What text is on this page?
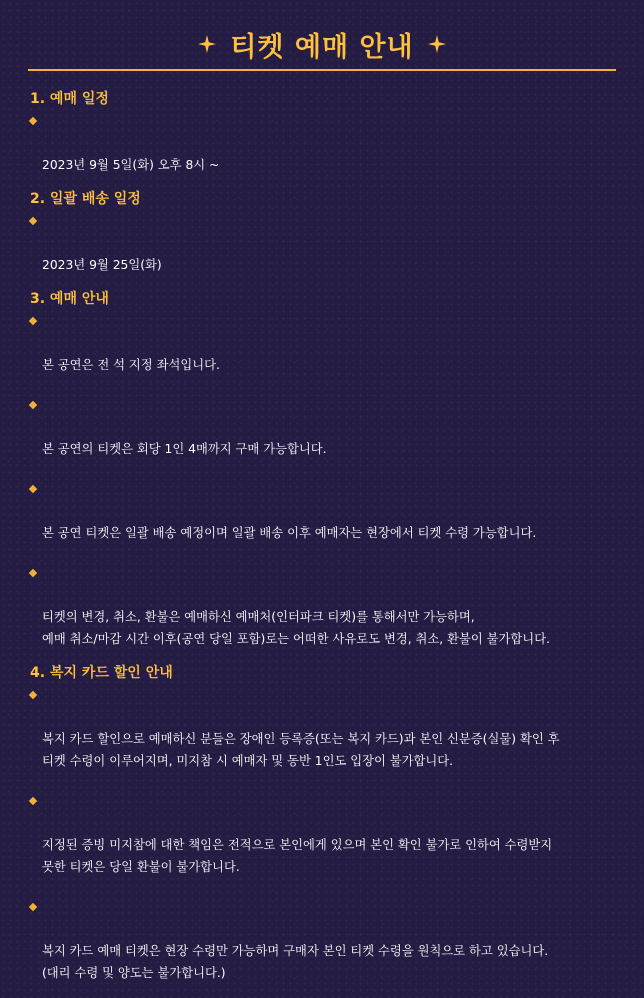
티켓 예매 안내
1. 예매 일정

2023년 9월 5일(화) 오후 8시 ~

2. 일괄 배송 일정

2023년 9월 25일(화)

3. 예매 안내

본 공연은 전 석 지정 좌석입니다.

본 공연의 티켓은 회당 1인 4매까지 구매 가능합니다.

본 공연 티켓은 일괄 배송 예정이며 일괄 배송 이후 예매자는 현장에서 티켓 수령 가능합니다.

티켓의 변경, 취소, 환불은 예매하신 예매처(인터파크 티켓)를 통해서만 가능하며,
예매 취소/마감 시간 이후(공연 당일 포함)로는 어떠한 사유로도 변경, 취소, 환불이 불가합니다.

4. 복지 카드 할인 안내

복지 카드 할인으로 예매하신 분들은 장애인 등록증(또는 복지 카드)과 본인 신분증(실물) 확인 후
티켓 수령이 이루어지며, 미지참 시 예매자 및 동반 1인도 입장이 불가합니다.

지정된 증빙 미지참에 대한 책임은 전적으로 본인에게 있으며 본인 확인 불가로 인하여 수령받지
못한 티켓은 당일 환불이 불가합니다.

복지 카드 예매 티켓은 현장 수령만 가능하며 구매자 본인 티켓 수령을 원칙으로 하고 있습니다.
(대리 수령 및 양도는 불가합니다.)
